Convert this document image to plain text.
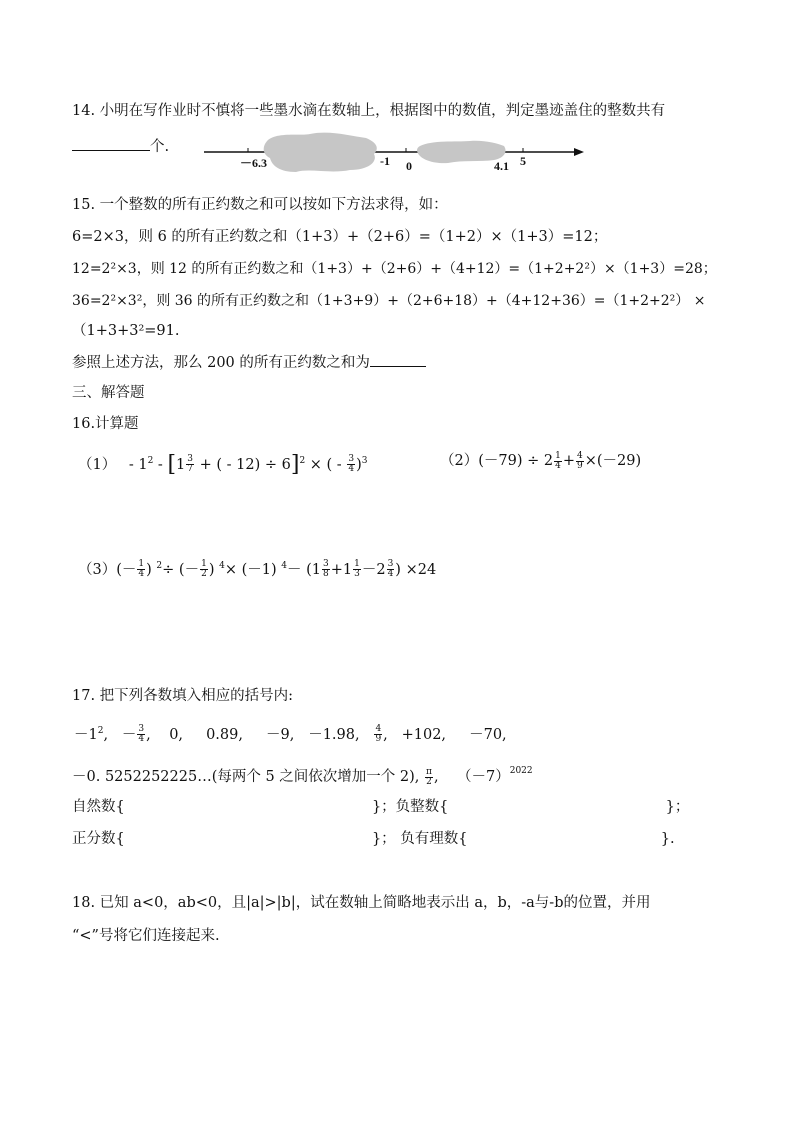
14. 小明在写作业时不慎将一些墨水滴在数轴上，根据图中的数值，判定墨迹盖住的整数共有
个.
－6.3	-1 0	4.1 5
15. 一个整数的所有正约数之和可以按如下方法求得，如：
6=2×3，则 6 的所有正约数之和（1+3）+（2+6）=（1+2）×（1+3）=12；
12=2²×3，则 12 的所有正约数之和（1+3）+（2+6）+（4+12）=（1+2+2²）×（1+3）=28；
36=2²×3²，则 36 的所有正约数之和（1+3+9）+（2+6+18）+（4+12+36）=（1+2+2²） ×
（1+3+3²=91.
参照上述方法，那么 200 的所有正约数之和为
三、解答题
16.计算题
$(1) - 1^2 - [1 \frac{3}{7}$ + ( - 12) ÷ 6]$^2$ × ( - $\frac{3}{4} )^3$	$(2)(-79) \div 2 \frac{1}{4} + \frac{4}{9} \times(-29)$
$(3)(- \frac{1}{4}$ ) $^2$÷ (－ $\frac{1}{2}$ ) $^4$× (－1) $^4- (1 \frac{3}{8} +1 \frac{1}{3} -2 \frac{3}{4}$ ) ×24
17. 把下列各数填入相应的括号内:
$-1^2$,   － $\frac{3}{4}$ ,    0, 0.89, －9, －1.98, $\frac{4}{9}$ ,   +102, －70,
－0. 5252252225…(每两个 5 之间依次增加一个 2), $\frac{\pi}{2}$ ,    $(-7)^{2022}$
自然数{	}；负整数{	}；
正分数{	}； 负有理数{	}.
18. 已知 a<0，ab<0，且|a|>|b|，试在数轴上简略地表示出 a，b，-a与-b的位置，并用
“<”号将它们连接起来.
